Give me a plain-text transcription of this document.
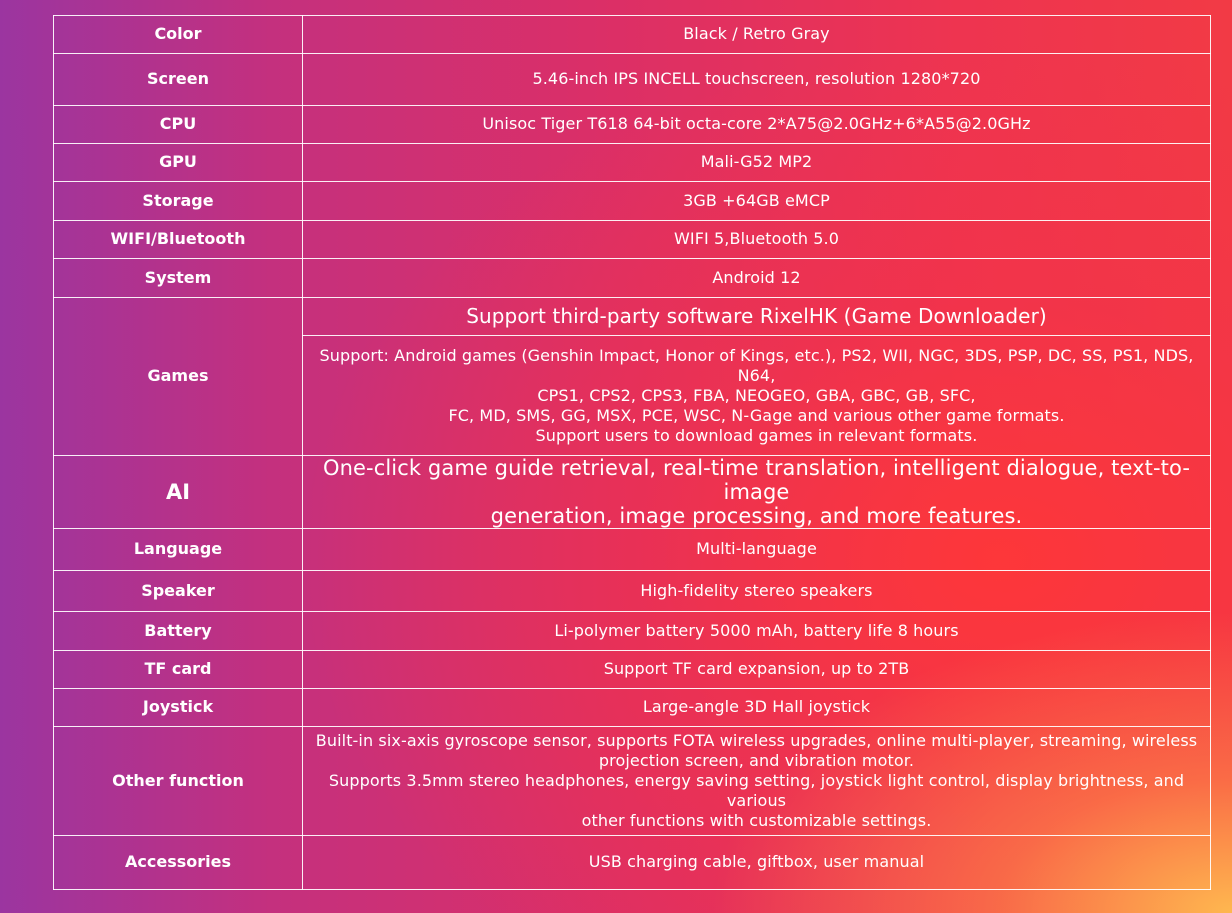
Color	Black / Retro Gray
Screen	5.46-inch IPS INCELL touchscreen, resolution 1280*720
CPU	Unisoc Tiger T618 64-bit octa-core 2*A75@2.0GHz+6*A55@2.0GHz
GPU	Mali-G52 MP2
Storage	3GB +64GB eMCP
WIFI/Bluetooth	WIFI 5,Bluetooth 5.0
System	Android 12
Games	Support third-party software RixelHK (Game Downloader)

	Support: Android games (Genshin Impact, Honor of Kings, etc.), PS2, WII, NGC, 3DS, PSP, DC, SS, PS1, NDS, N64,
CPS1, CPS2, CPS3, FBA, NEOGEO, GBA, GBC, GB, SFC,
FC, MD, SMS, GG, MSX, PCE, WSC, N-Gage and various other game formats.
Support users to download games in relevant formats.

AI	One-click game guide retrieval, real-time translation, intelligent dialogue, text-to-image
generation, image processing, and more features.

Language	Multi-language
Speaker	High-fidelity stereo speakers
Battery	Li-polymer battery 5000 mAh, battery life 8 hours
TF card	Support TF card expansion, up to 2TB
Joystick	Large-angle 3D Hall joystick
Other function	Built-in six-axis gyroscope sensor, supports FOTA wireless upgrades, online multi-player, streaming, wireless
projection screen, and vibration motor.
Supports 3.5mm stereo headphones, energy saving setting, joystick light control, display brightness, and various
other functions with customizable settings.

Accessories	USB charging cable, giftbox, user manual
